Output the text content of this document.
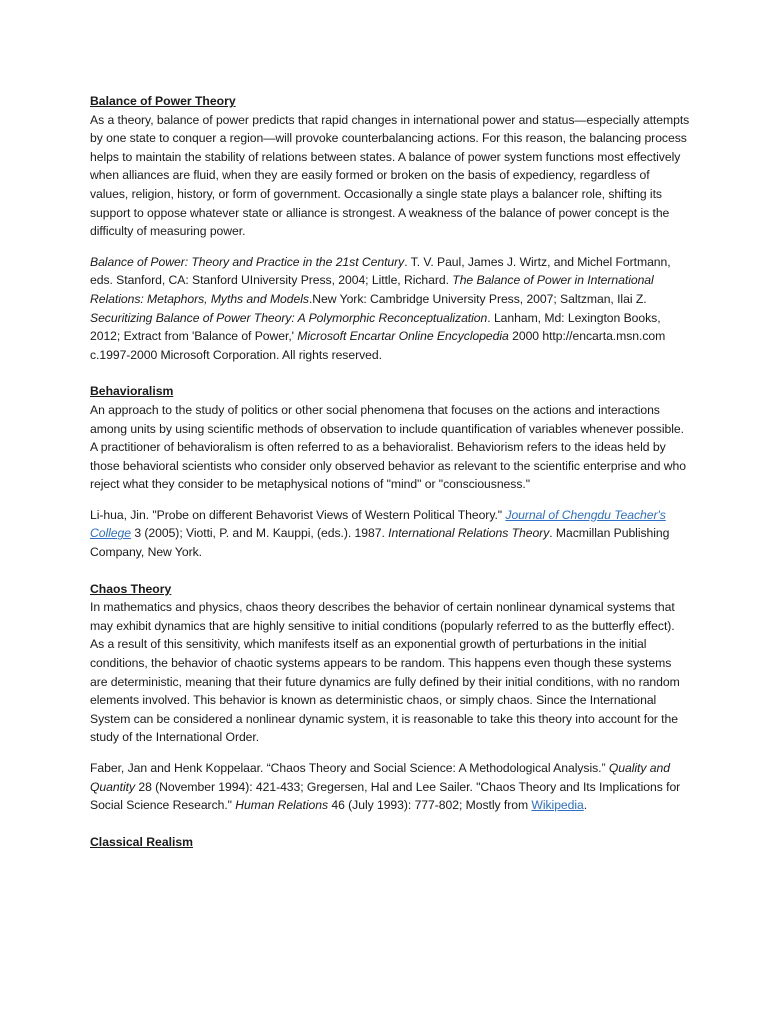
Balance of Power Theory

As a theory, balance of power predicts that rapid changes in international power and status—especially attempts by one state to conquer a region—will provoke counterbalancing actions. For this reason, the balancing process helps to maintain the stability of relations between states. A balance of power system functions most effectively when alliances are fluid, when they are easily formed or broken on the basis of expediency, regardless of values, religion, history, or form of government. Occasionally a single state plays a balancer role, shifting its support to oppose whatever state or alliance is strongest. A weakness of the balance of power concept is the difficulty of measuring power.

Balance of Power: Theory and Practice in the 21st Century. T. V. Paul, James J. Wirtz, and Michel Fortmann, eds. Stanford, CA: Stanford UIniversity Press, 2004; Little, Richard. The Balance of Power in International Relations: Metaphors, Myths and Models.New York: Cambridge University Press, 2007; Saltzman, Ilai Z. Securitizing Balance of Power Theory: A Polymorphic Reconceptualization. Lanham, Md: Lexington Books, 2012; Extract from 'Balance of Power,' Microsoft Encartar Online Encyclopedia 2000 http://encarta.msn.com c.1997-2000 Microsoft Corporation. All rights reserved.

Behavioralism

An approach to the study of politics or other social phenomena that focuses on the actions and interactions among units by using scientific methods of observation to include quantification of variables whenever possible. A practitioner of behavioralism is often referred to as a behavioralist. Behaviorism refers to the ideas held by those behavioral scientists who consider only observed behavior as relevant to the scientific enterprise and who reject what they consider to be metaphysical notions of "mind" or "consciousness."

Li-hua, Jin. "Probe on different Behavorist Views of Western Political Theory." Journal of Chengdu Teacher's College 3 (2005); Viotti, P. and M. Kauppi, (eds.). 1987. International Relations Theory. Macmillan Publishing Company, New York.

Chaos Theory

In mathematics and physics, chaos theory describes the behavior of certain nonlinear dynamical systems that may exhibit dynamics that are highly sensitive to initial conditions (popularly referred to as the butterfly effect). As a result of this sensitivity, which manifests itself as an exponential growth of perturbations in the initial conditions, the behavior of chaotic systems appears to be random. This happens even though these systems are deterministic, meaning that their future dynamics are fully defined by their initial conditions, with no random elements involved. This behavior is known as deterministic chaos, or simply chaos. Since the International System can be considered a nonlinear dynamic system, it is reasonable to take this theory into account for the study of the International Order.

Faber, Jan and Henk Koppelaar. “Chaos Theory and Social Science: A Methodological Analysis.” Quality and Quantity 28 (November 1994): 421-433; Gregersen, Hal and Lee Sailer. "Chaos Theory and Its Implications for Social Science Research." Human Relations 46 (July 1993): 777-802; Mostly from Wikipedia.

Classical Realism
